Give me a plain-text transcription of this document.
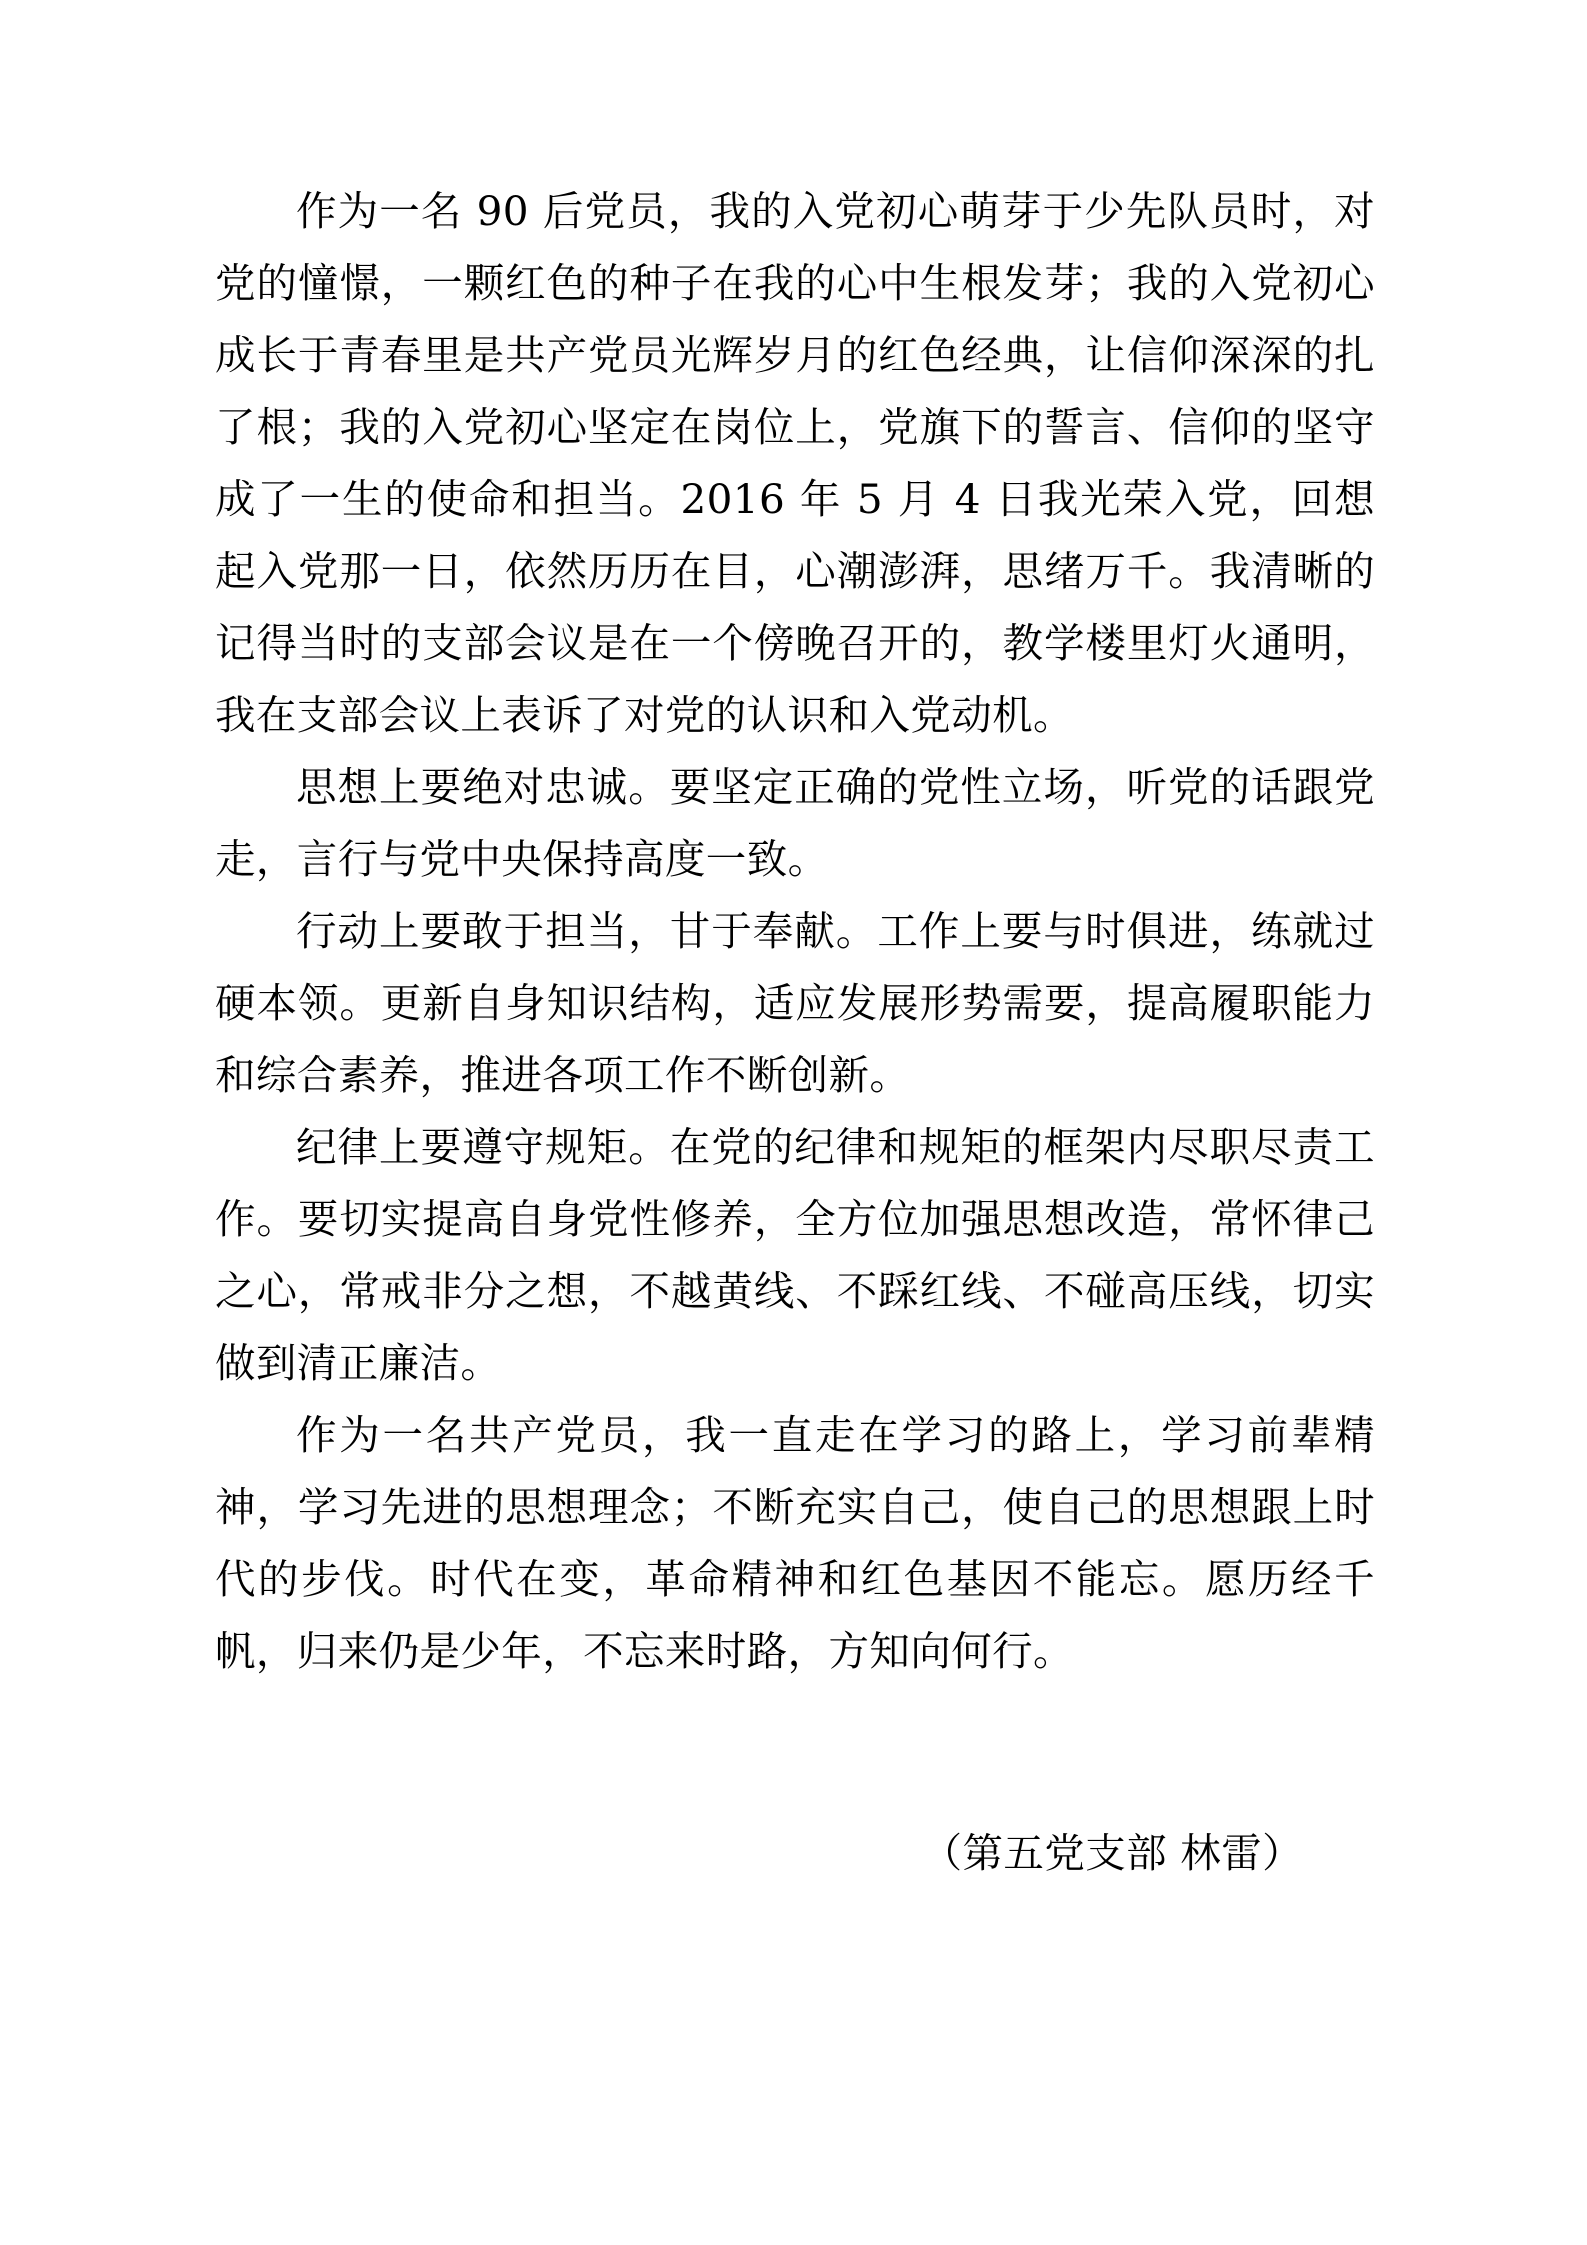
作为一名 90 后党员，我的入党初心萌芽于少先队员时，对党的憧憬，一颗红色的种子在我的心中生根发芽；我的入党初心成长于青春里是共产党员光辉岁月的红色经典，让信仰深深的扎了根；我的入党初心坚定在岗位上，党旗下的誓言、信仰的坚守成了一生的使命和担当。2016 年 5 月 4 日我光荣入党，回想起入党那一日，依然历历在目，心潮澎湃，思绪万千。我清晰的记得当时的支部会议是在一个傍晚召开的，教学楼里灯火通明，我在支部会议上表诉了对党的认识和入党动机。

思想上要绝对忠诚。要坚定正确的党性立场，听党的话跟党走，言行与党中央保持高度一致。

行动上要敢于担当，甘于奉献。工作上要与时俱进，练就过硬本领。更新自身知识结构，适应发展形势需要，提高履职能力和综合素养，推进各项工作不断创新。

纪律上要遵守规矩。在党的纪律和规矩的框架内尽职尽责工作。要切实提高自身党性修养，全方位加强思想改造，常怀律己之心，常戒非分之想，不越黄线、不踩红线、不碰高压线，切实做到清正廉洁。

作为一名共产党员，我一直走在学习的路上，学习前辈精神，学习先进的思想理念；不断充实自己，使自己的思想跟上时代的步伐。时代在变，革命精神和红色基因不能忘。愿历经千帆，归来仍是少年，不忘来时路，方知向何行。

（第五党支部 林雷）
